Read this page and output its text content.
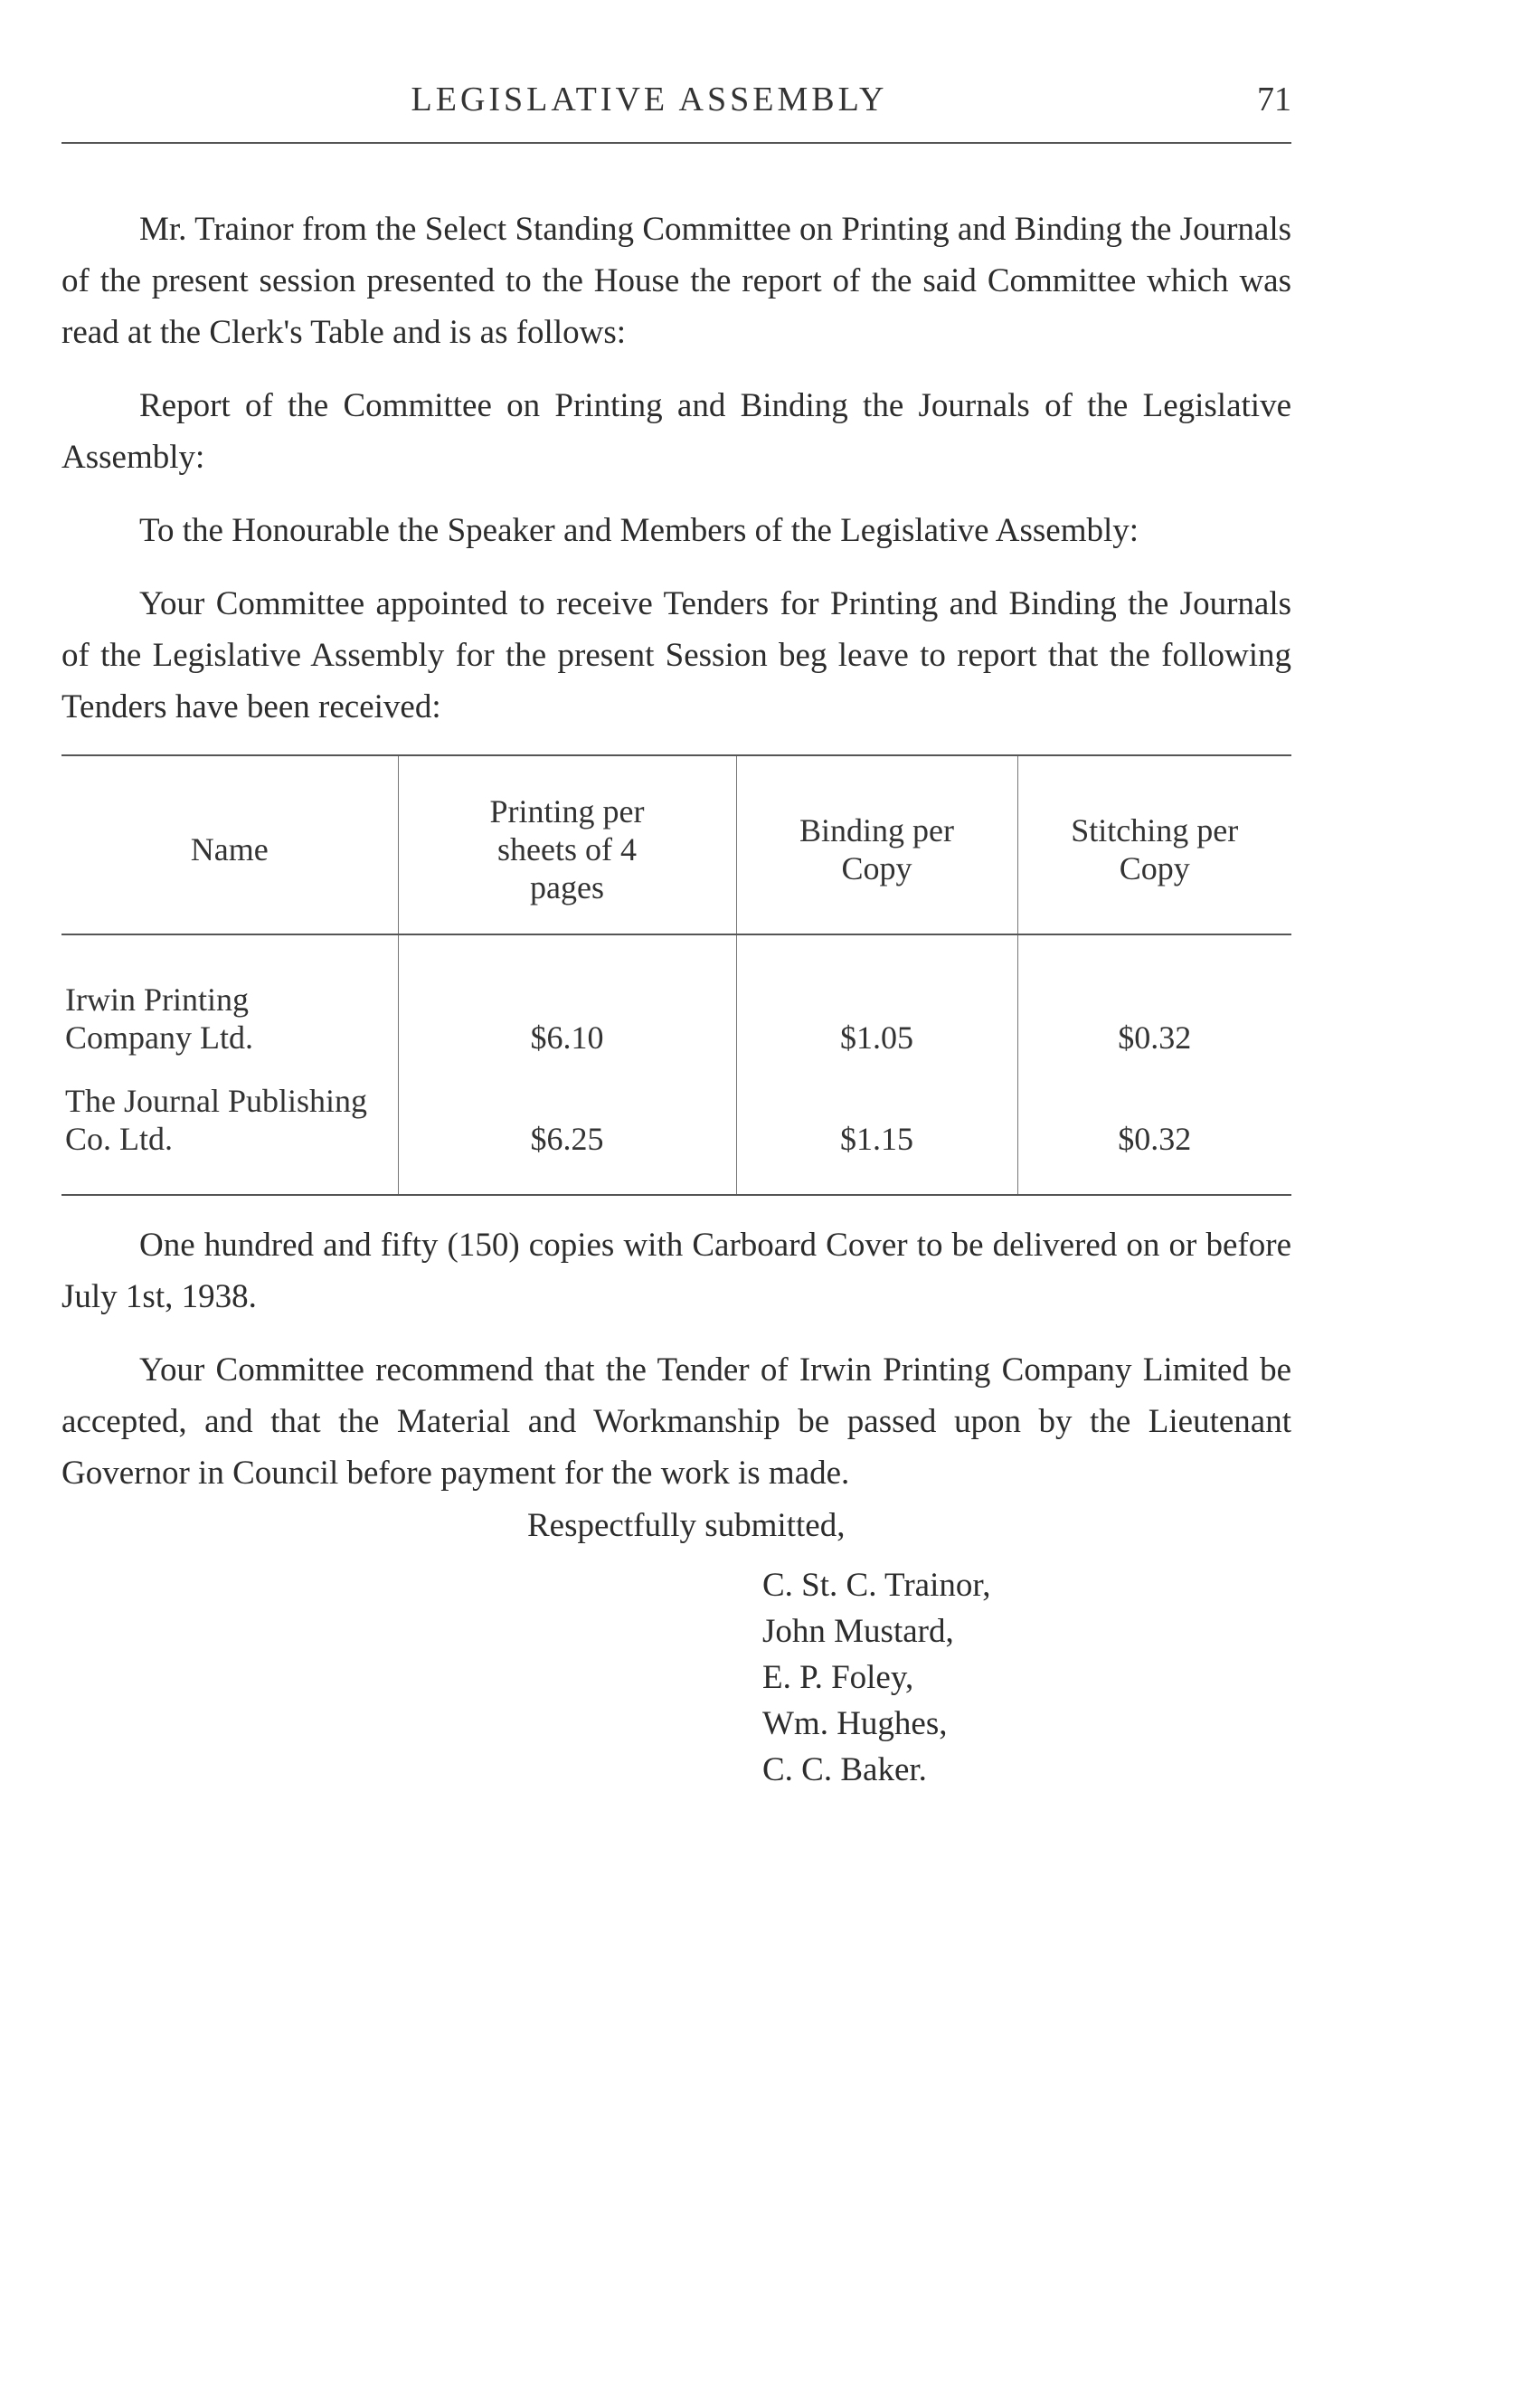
LEGISLATIVE ASSEMBLY	71

Mr. Trainor from the Select Standing Committee on Printing and Binding the Journals of the present session presented to the House the report of the said Committee which was read at the Clerk's Table and is as follows:

Report of the Committee on Printing and Binding the Journals of the Legislative Assembly:

To the Honourable the Speaker and Members of the Legislative Assembly:

Your Committee appointed to receive Tenders for Printing and Binding the Journals of the Legislative Assembly for the present Session beg leave to report that the following Tenders have been received:

Name	Printing per sheets of 4 pages	Binding per Copy	Stitching per Copy
Irwin Printing Company Ltd.	$6.10	$1.05	$0.32
The Journal Publishing Co. Ltd.	$6.25	$1.15	$0.32

One hundred and fifty (150) copies with Carboard Cover to be delivered on or before July 1st, 1938.

Your Committee recommend that the Tender of Irwin Printing Company Limited be accepted, and that the Material and Workmanship be passed upon by the Lieutenant Governor in Council before payment for the work is made.

Respectfully submitted,
C. St. C. Trainor,
John Mustard,
E. P. Foley,
Wm. Hughes,
C. C. Baker.
